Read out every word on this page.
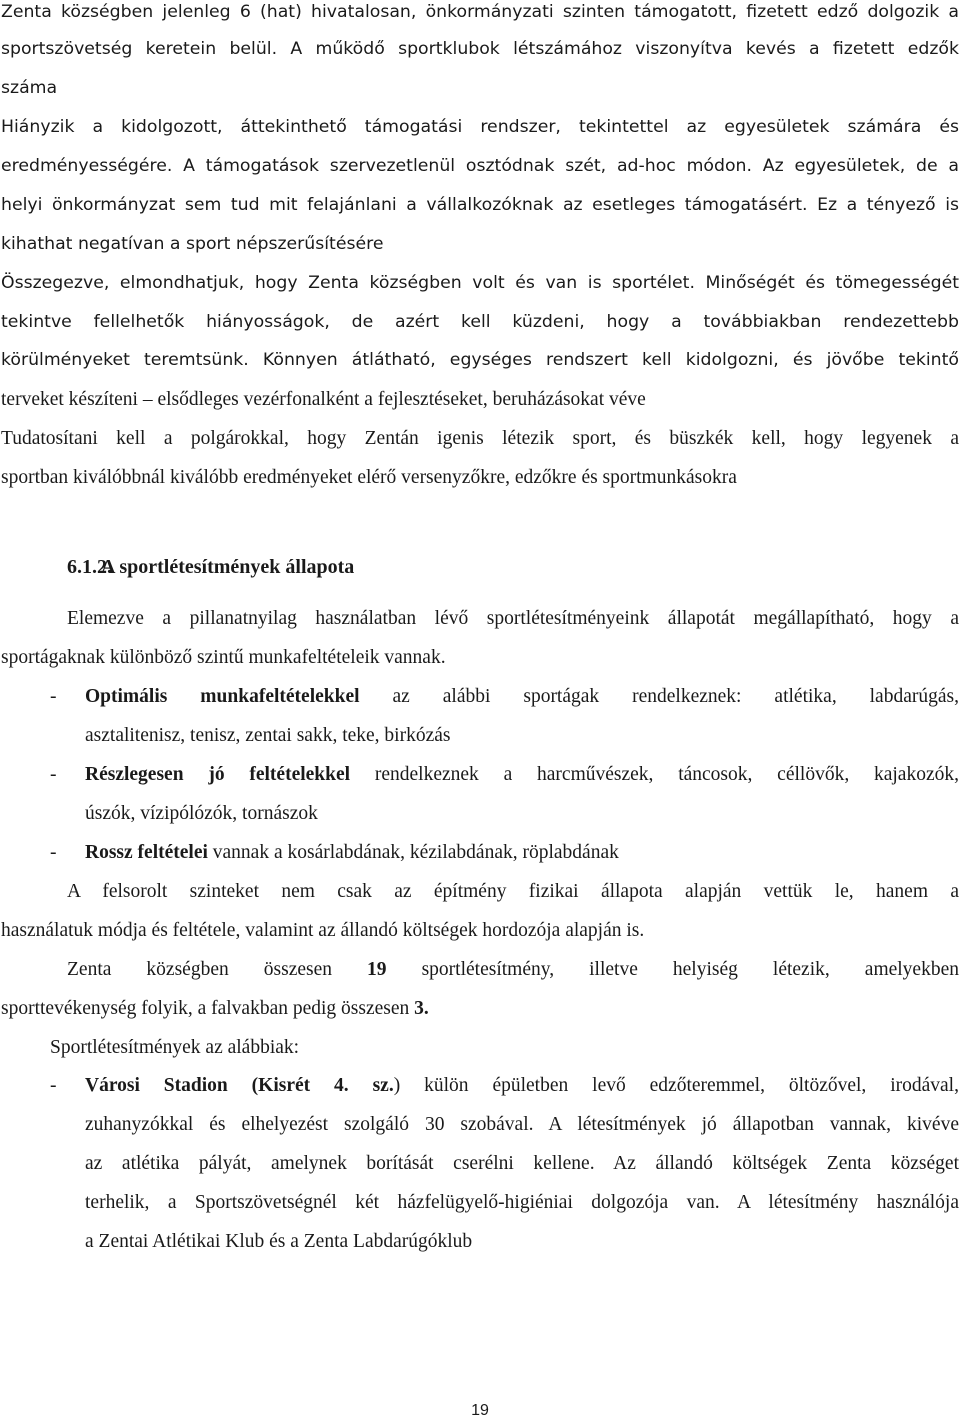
Zenta községben jelenleg 6 (hat) hivatalosan, önkormányzati szinten támogatott, fizetett edző dolgozik a
sportszövetség keretein belül. A működő sportklubok létszámához viszonyítva kevés a fizetett edzők
száma
Hiányzik a kidolgozott, áttekinthető támogatási rendszer, tekintettel az egyesületek számára és
eredményességére. A támogatások szervezetlenül osztódnak szét, ad-hoc módon. Az egyesületek, de a
helyi önkormányzat sem tud mit felajánlani a vállalkozóknak az esetleges támogatásért. Ez a tényező is
kihathat negatívan a sport népszerűsítésére
Összegezve, elmondhatjuk, hogy Zenta községben volt és van is sportélet. Minőségét és tömegességét
tekintve fellelhetők hiányosságok, de azért kell küzdeni, hogy a továbbiakban rendezettebb
körülményeket teremtsünk. Könnyen átlátható, egységes rendszert kell kidolgozni, és jövőbe tekintő
terveket készíteni – elsődleges vezérfonalként a fejlesztéseket, beruházásokat véve
Tudatosítani kell a polgárokkal, hogy Zentán igenis létezik sport, és büszkék kell, hogy legyenek a
sportban kiválóbbnál kiválóbb eredményeket elérő versenyzőkre, edzőkre és sportmunkásokra
6.1.2.A sportlétesítmények állapota
Elemezve a pillanatnyilag használatban lévő sportlétesítményeink állapotát megállapítható, hogy a
sportágaknak különböző szintű munkafeltételeik vannak.
- Optimális munkafeltételekkel az alábbi sportágak rendelkeznek: atlétika, labdarúgás,
asztalitenisz, tenisz, zentai sakk, teke, birkózás
- Részlegesen jó feltételekkel rendelkeznek a harcművészek, táncosok, céllövők, kajakozók,
úszók, vízipólózók, tornászok
- Rossz feltételei vannak a kosárlabdának, kézilabdának, röplabdának
A felsorolt szinteket nem csak az építmény fizikai állapota alapján vettük le, hanem a
használatuk módja és feltétele, valamint az állandó költségek hordozója alapján is.
Zenta községben összesen 19 sportlétesítmény, illetve helyiség létezik, amelyekben
sporttevékenység folyik, a falvakban pedig összesen 3.
Sportlétesítmények az alábbiak:
- Városi Stadion (Kisrét 4. sz.) külön épületben levő edzőteremmel, öltözővel, irodával,
zuhanyzókkal és elhelyezést szolgáló 30 szobával. A létesítmények jó állapotban vannak, kivéve
az atlétika pályát, amelynek borítását cserélni kellene. Az állandó költségek Zenta községet
terhelik, a Sportszövetségnél két házfelügyelő-higiéniai dolgozója van. A létesítmény használója
a Zentai Atlétikai Klub és a Zenta Labdarúgóklub
19
